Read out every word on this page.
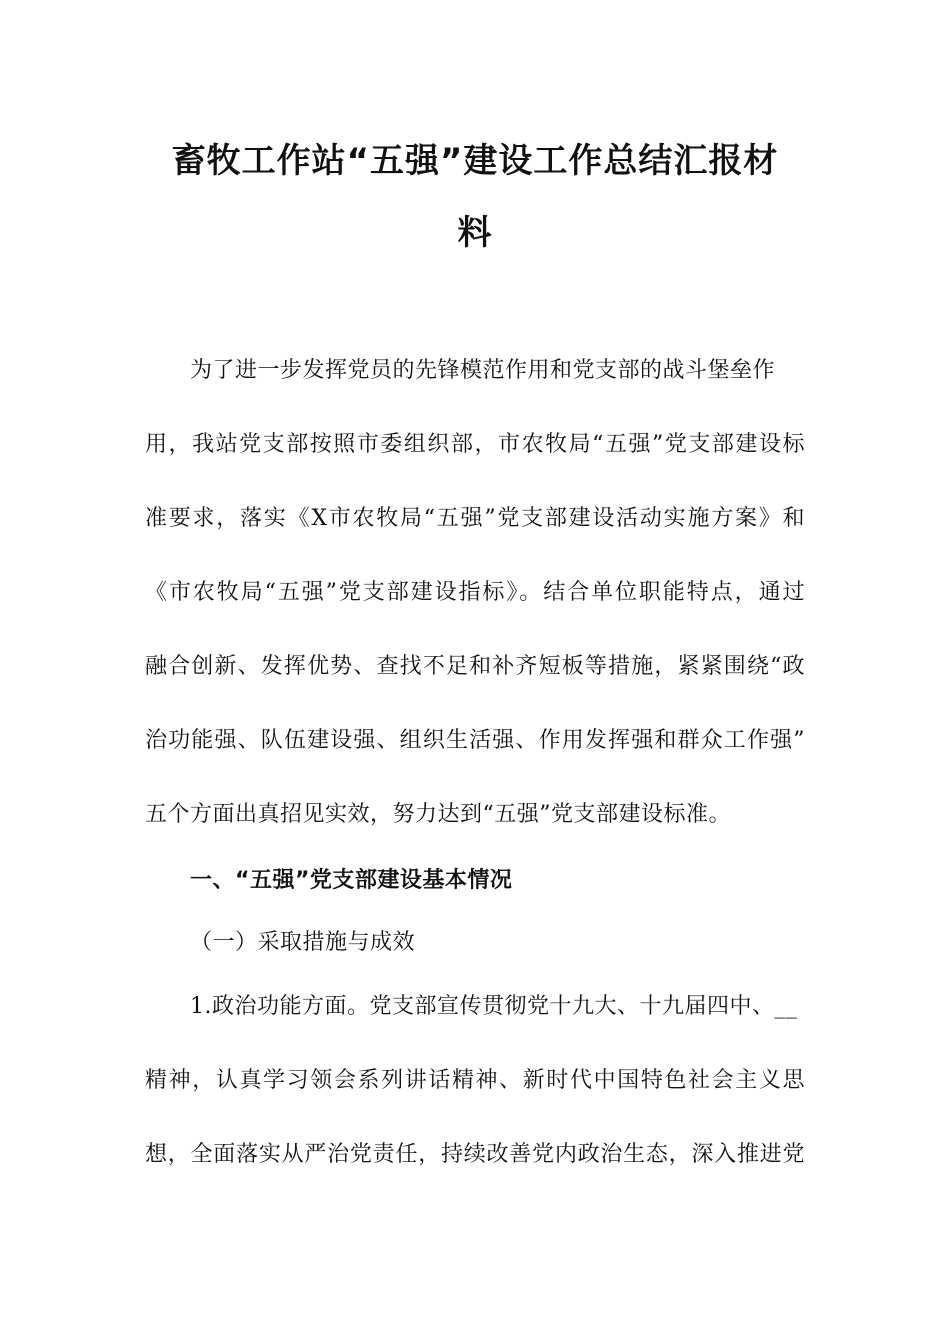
畜牧工作站“五强”建设工作总结汇报材
料
为了进一步发挥党员的先锋模范作用和党支部的战斗堡垒作
用，我站党支部按照市委组织部，市农牧局“五强”党支部建设标
准要求，落实《X市农牧局“五强”党支部建设活动实施方案》和
《市农牧局“五强”党支部建设指标》。结合单位职能特点，通过
融合创新、发挥优势、查找不足和补齐短板等措施，紧紧围绕“政
治功能强、队伍建设强、组织生活强、作用发挥强和群众工作强”
五个方面出真招见实效，努力达到“五强”党支部建设标准。
一、“五强”党支部建设基本情况
（一）采取措施与成效
1.政治功能方面。党支部宣传贯彻党十九大、十九届四中、__
精神，认真学习领会系列讲话精神、新时代中国特色社会主义思
想，全面落实从严治党责任，持续改善党内政治生态，深入推进党
